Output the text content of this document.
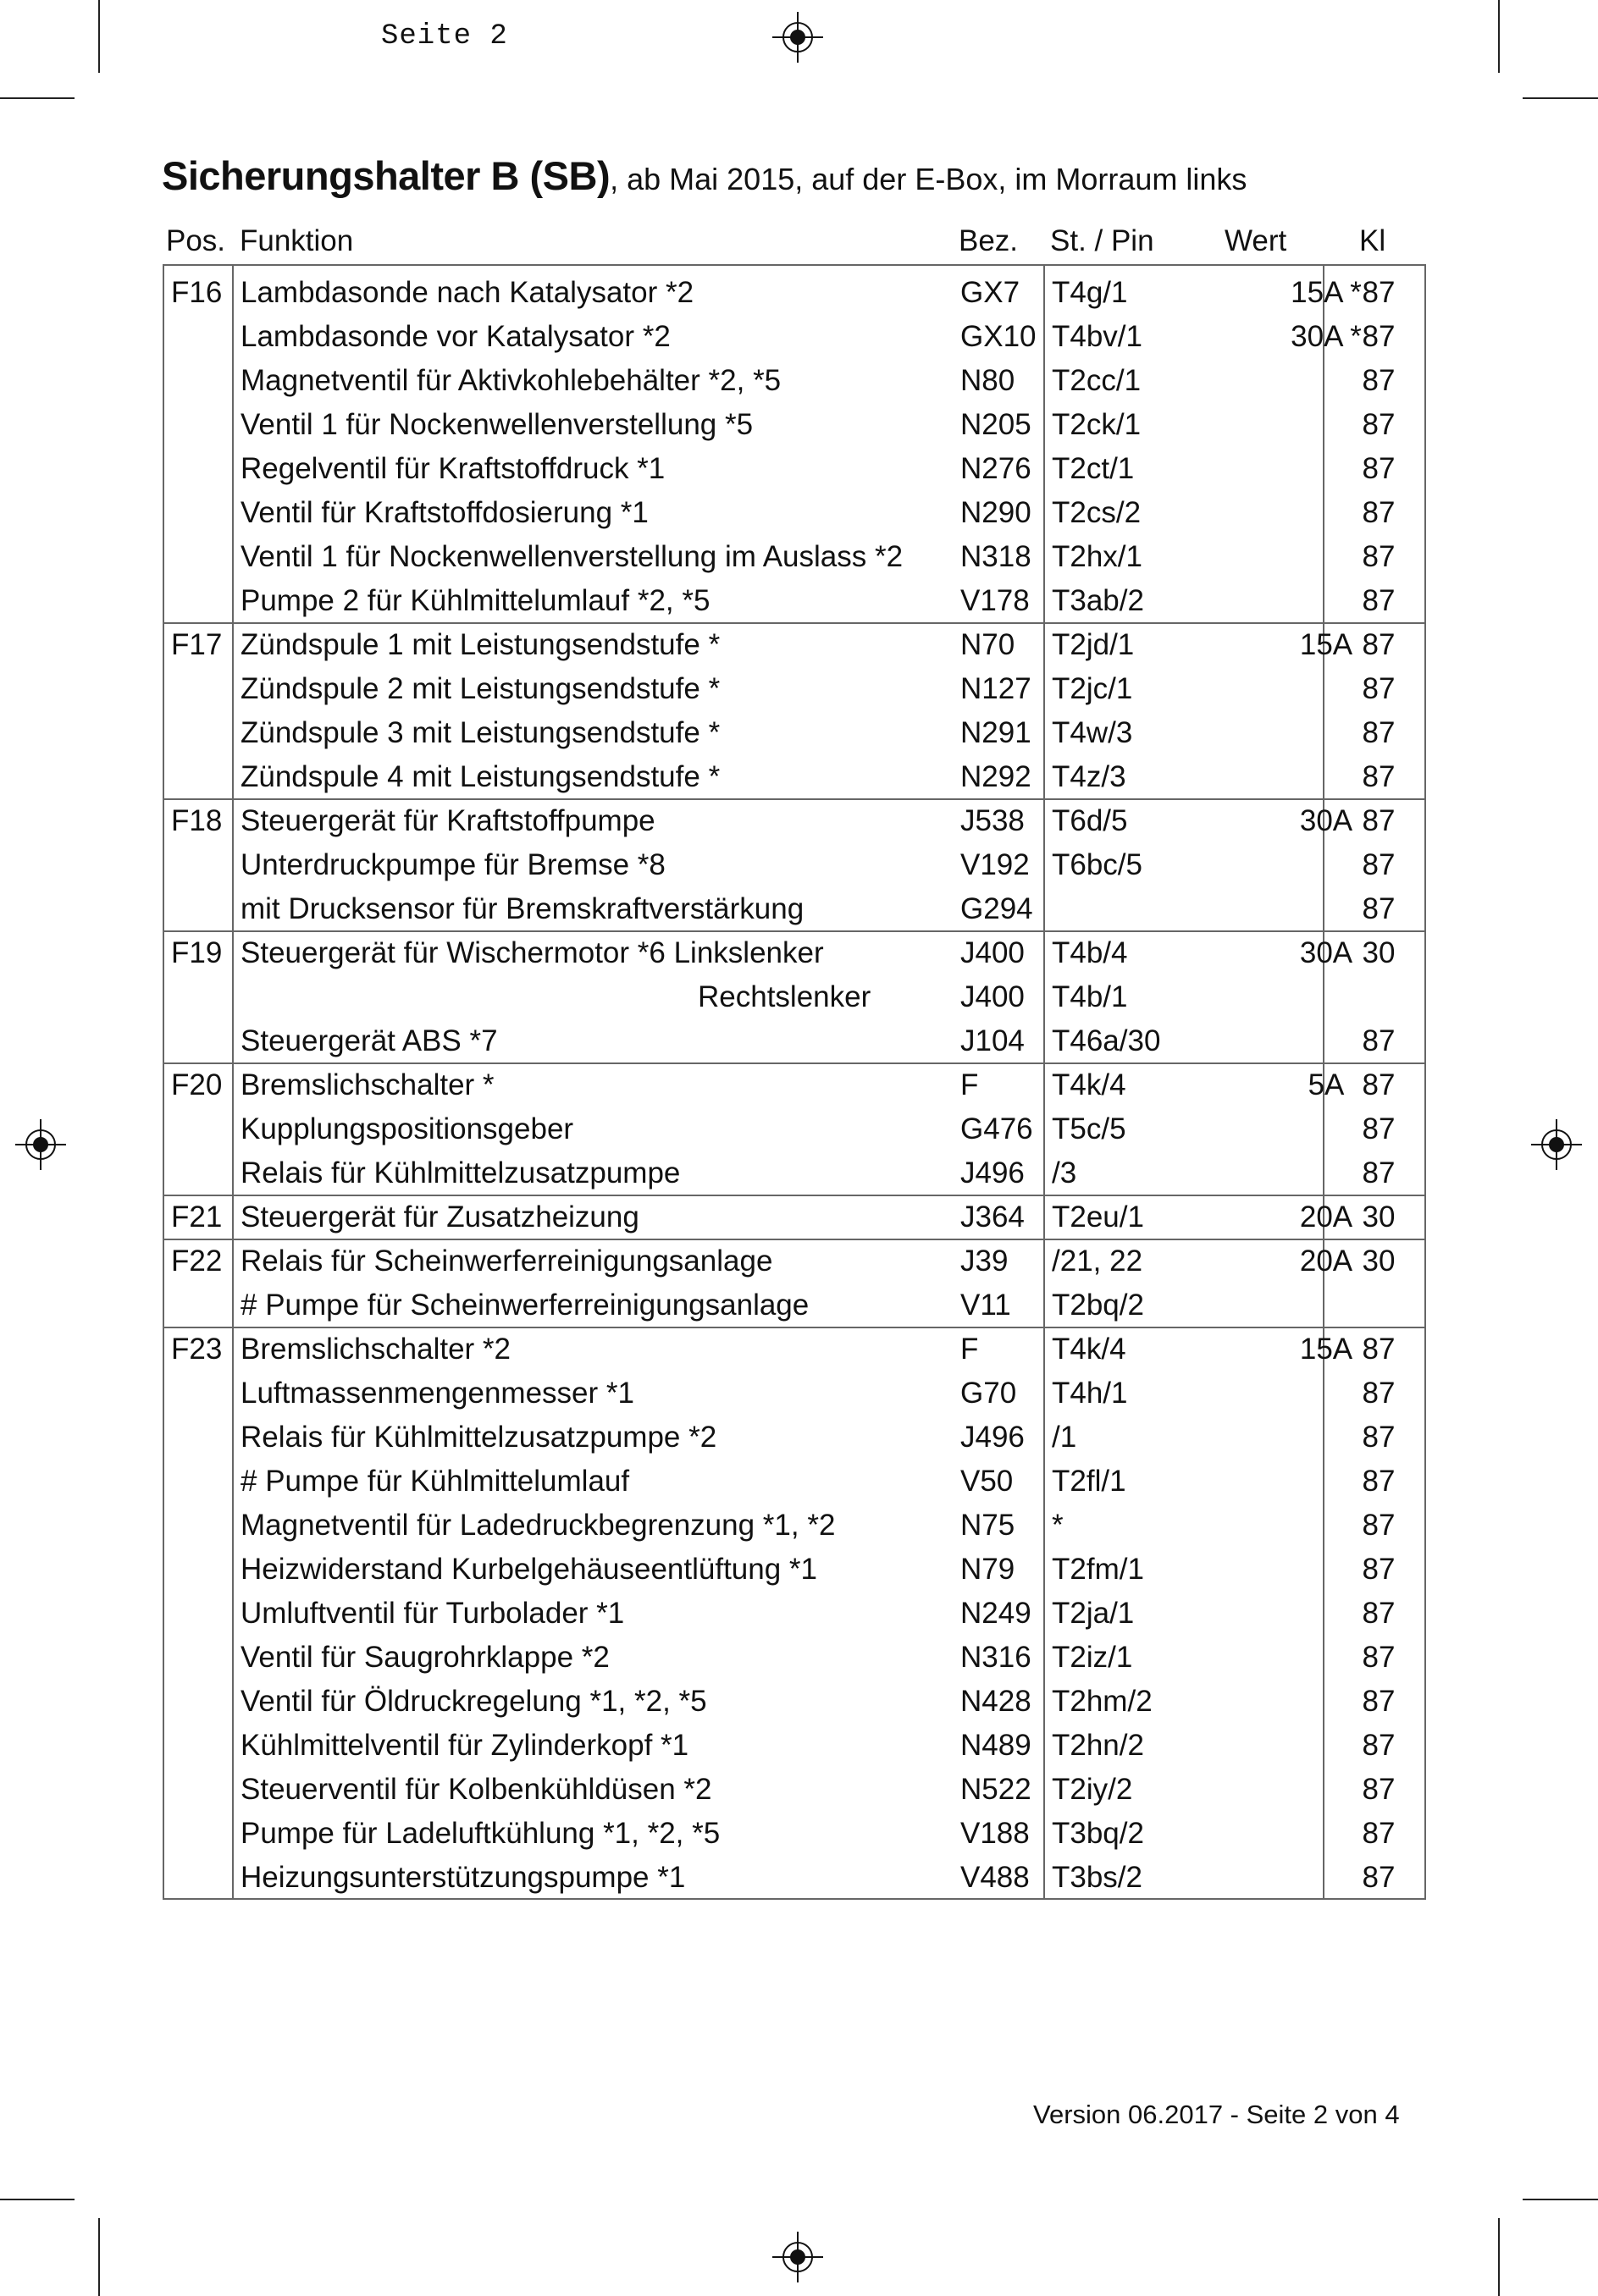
Seite 2
Sicherungshalter B (SB), ab Mai 2015, auf der E-Box, im Morraum links
Pos. Funktion	Bez. St. / Pin Wert Kl
F16 Lambdasonde nach Katalysator *2	GX7 T4g/1	15A * 87
Lambdasonde vor Katalysator *2	GX10 T4bv/1	30A * 87
Magnetventil für Aktivkohlebehälter *2, *5	N80 T2cc/1	87
Ventil 1 für Nockenwellenverstellung *5	N205 T2ck/1	87
Regelventil für Kraftstoffdruck *1	N276 T2ct/1	87
Ventil für Kraftstoffdosierung *1	N290 T2cs/2	87
Ventil 1 für Nockenwellenverstellung im Auslass *2 N318 T2hx/1	87
Pumpe 2 für Kühlmittelumlauf *2, *5	V178 T3ab/2	87
F17 Zündspule 1 mit Leistungsendstufe *	N70 T2jd/1	15A 87
Zündspule 2 mit Leistungsendstufe *	N127 T2jc/1	87
Zündspule 3 mit Leistungsendstufe *	N291 T4w/3	87
Zündspule 4 mit Leistungsendstufe *	N292 T4z/3	87
F18 Steuergerät für Kraftstoffpumpe	J538 T6d/5	30A 87
Unterdruckpumpe für Bremse *8	V192 T6bc/5	87
mit Drucksensor für Bremskraftverstärkung	G294	87
F19 Steuergerät für Wischermotor *6 Linkslenker	J400 T4b/4	30A 30
Rechtslenker	J400 T4b/1
Steuergerät ABS *7	J104 T46a/30	87
F20 Bremslichschalter *	F T4k/4	5A 87
Kupplungspositionsgeber	G476 T5c/5	87
Relais für Kühlmittelzusatzpumpe	J496 /3	87
F21 Steuergerät für Zusatzheizung	J364 T2eu/1	20A 30
F22 Relais für Scheinwerferreinigungsanlage	J39 /21, 22	20A 30
# Pumpe für Scheinwerferreinigungsanlage	V11 T2bq/2
F23 Bremslichschalter *2	F T4k/4	15A 87
Luftmassenmengenmesser *1	G70 T4h/1	87
Relais für Kühlmittelzusatzpumpe *2	J496 /1	87
# Pumpe für Kühlmittelumlauf	V50 T2fl/1	87
Magnetventil für Ladedruckbegrenzung *1, *2	N75 *	87
Heizwiderstand Kurbelgehäuseentlüftung *1	N79 T2fm/1	87
Umluftventil für Turbolader *1	N249 T2ja/1	87
Ventil für Saugrohrklappe *2	N316 T2iz/1	87
Ventil für Öldruckregelung *1, *2, *5	N428 T2hm/2	87
Kühlmittelventil für Zylinderkopf *1	N489 T2hn/2	87
Steuerventil für Kolbenkühldüsen *2	N522 T2iy/2	87
Pumpe für Ladeluftkühlung *1, *2, *5	V188 T3bq/2	87
Heizungsunterstützungspumpe *1	V488 T3bs/2	87
Version 06.2017 - Seite 2 von 4
